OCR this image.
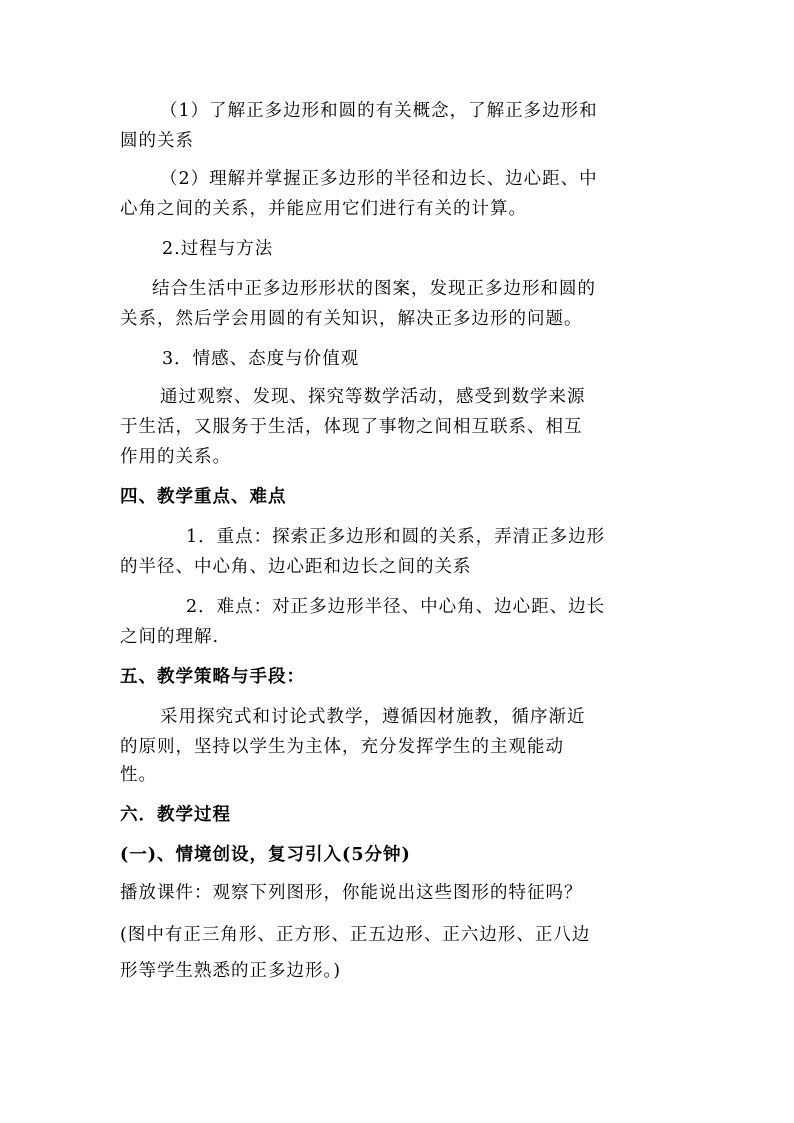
（1）了解正多边形和圆的有关概念，了解正多边形和
圆的关系
（2）理解并掌握正多边形的半径和边长、边心距、中
心角之间的关系，并能应用它们进行有关的计算。
2.过程与方法
结合生活中正多边形形状的图案，发现正多边形和圆的
关系，然后学会用圆的有关知识，解决正多边形的问题。
3．情感、态度与价值观
通过观察、发现、探究等数学活动，感受到数学来源
于生活，又服务于生活，体现了事物之间相互联系、相互
作用的关系。
四、教学重点、难点
1．重点：探索正多边形和圆的关系，弄清正多边形
的半径、中心角、边心距和边长之间的关系
2．难点：对正多边形半径、中心角、边心距、边长
之间的理解.
五、教学策略与手段：
采用探究式和讨论式教学，遵循因材施教，循序渐近
的原则，坚持以学生为主体，充分发挥学生的主观能动
性。
六．教学过程
(一)、情境创设，复习引入(5分钟)
播放课件：观察下列图形，你能说出这些图形的特征吗？
(图中有正三角形、正方形、正五边形、正六边形、正八边
形等学生熟悉的正多边形。)
